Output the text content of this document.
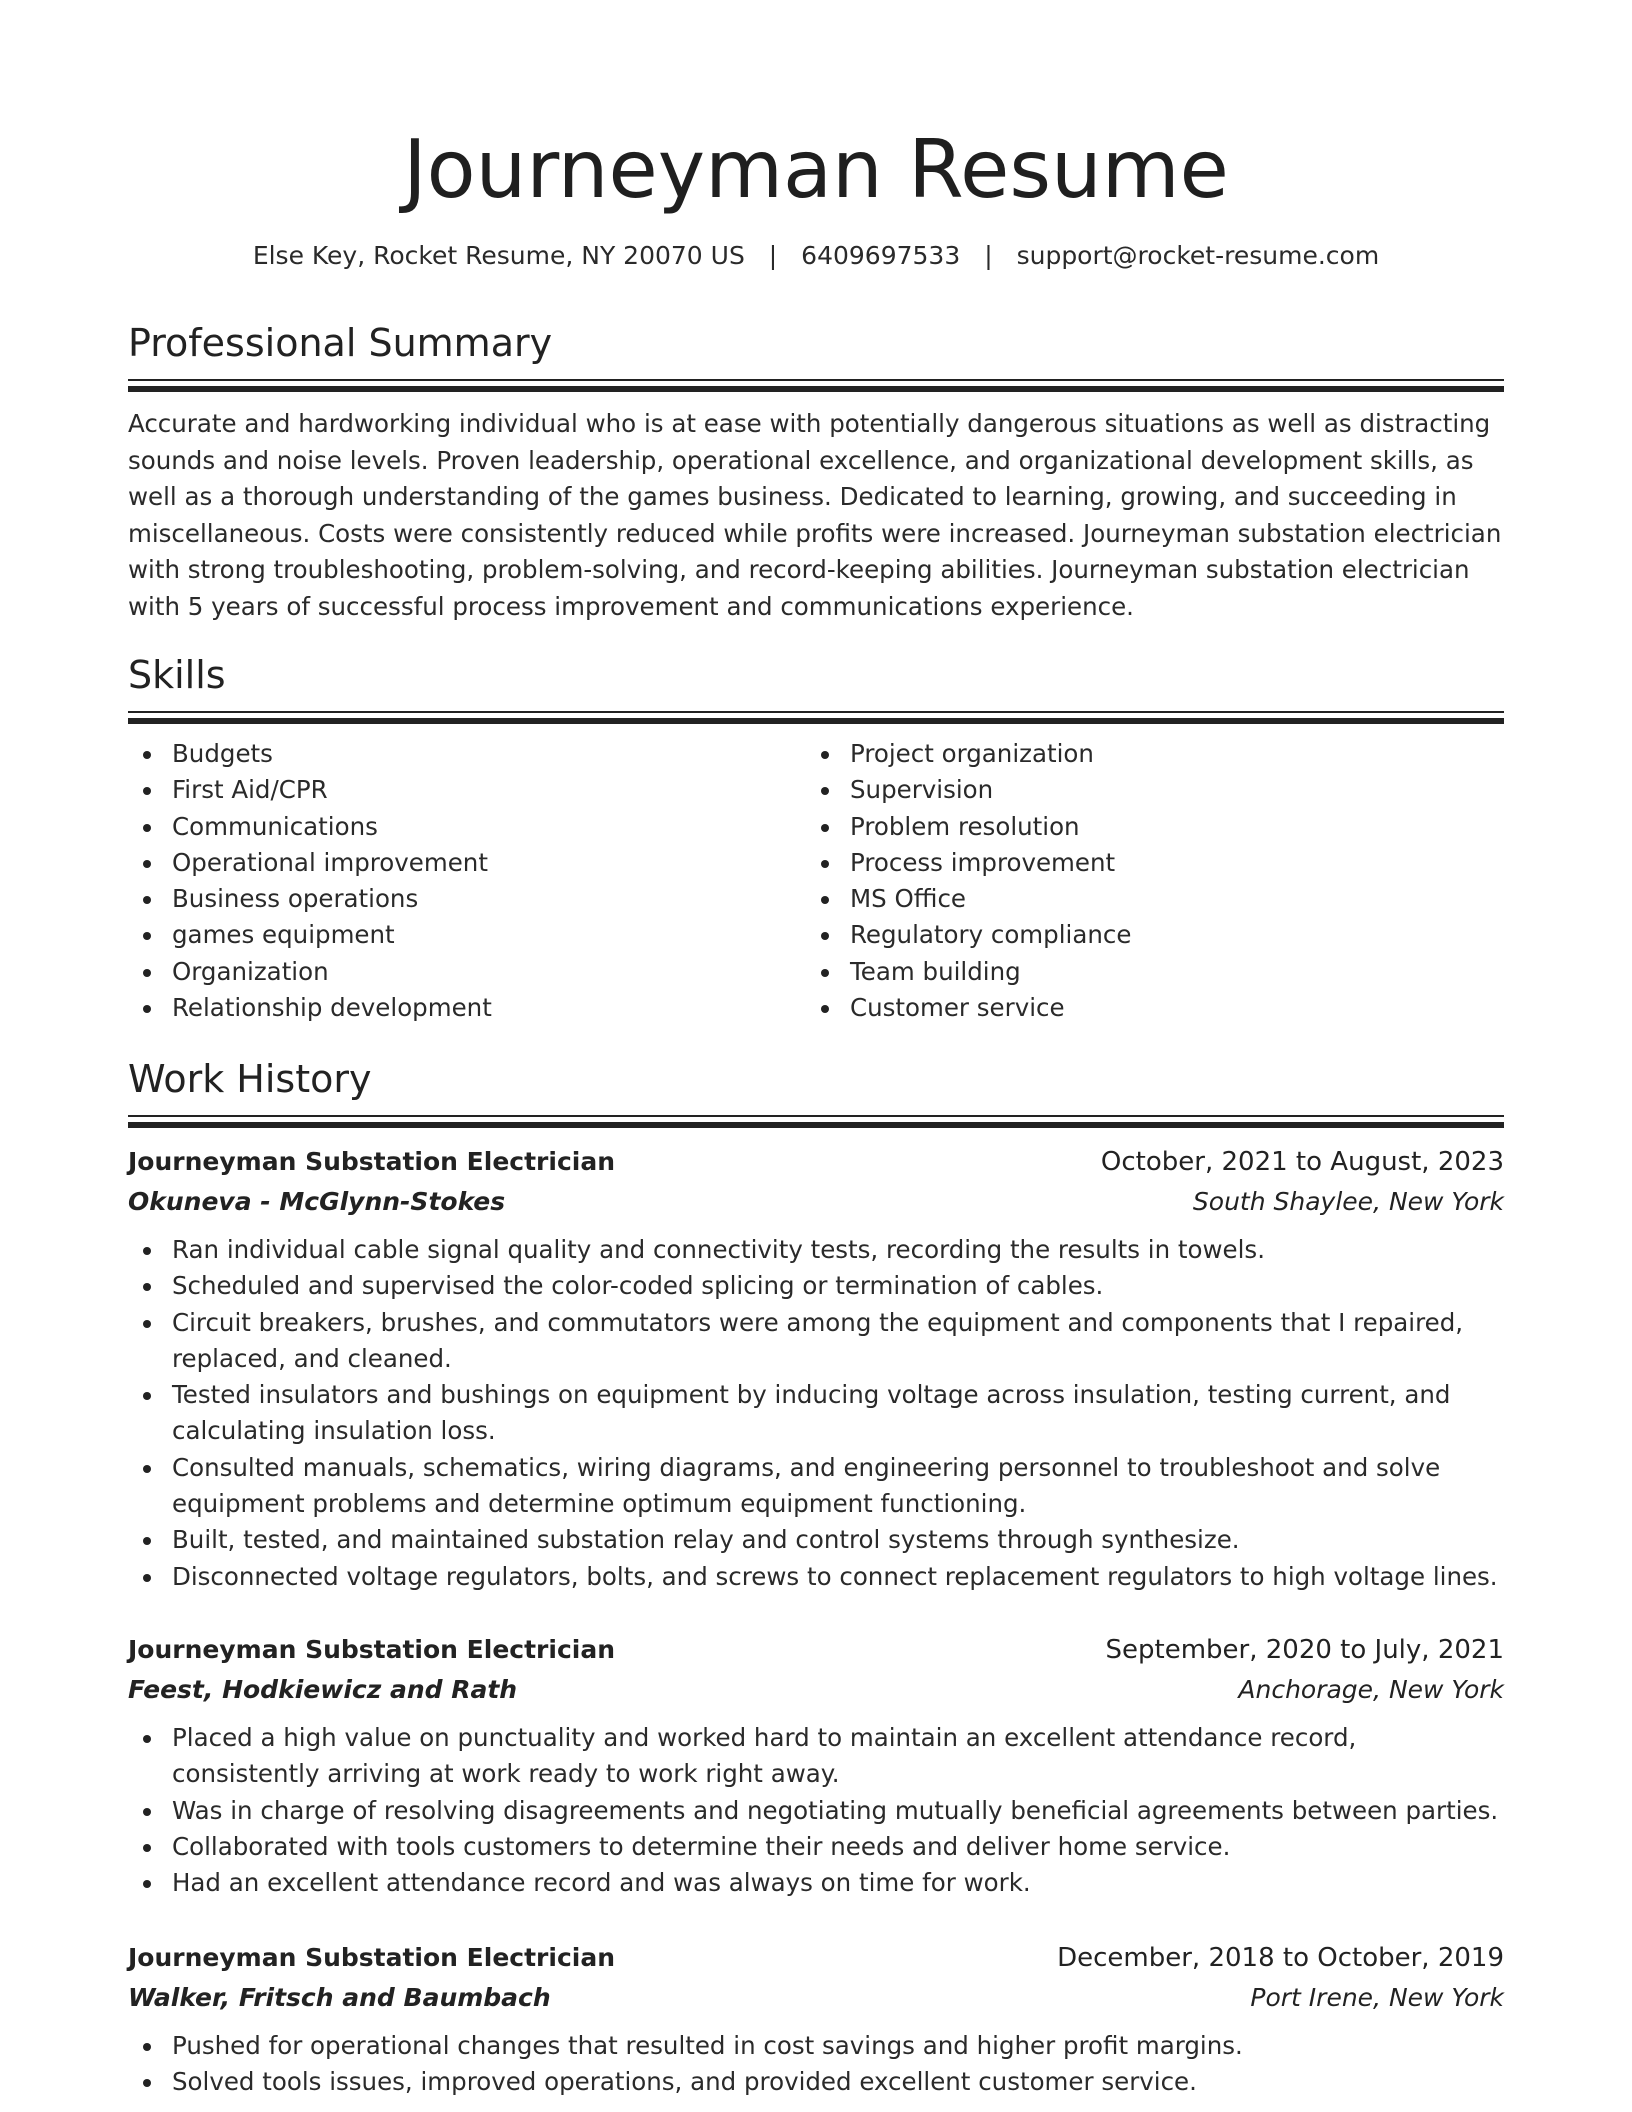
Journeyman Resume
Else Key, Rocket Resume, NY 20070 US | 6409697533 | support@rocket-resume.com
Professional Summary

Accurate and hardworking individual who is at ease with potentially dangerous situations as well as distracting sounds and noise levels. Proven leadership, operational excellence, and organizational development skills, as well as a thorough understanding of the games business. Dedicated to learning, growing, and succeeding in miscellaneous. Costs were consistently reduced while profits were increased. Journeyman substation electrician with strong troubleshooting, problem-solving, and record-keeping abilities. Journeyman substation electrician with 5 years of successful process improvement and communications experience.

Skills
Budgets
First Aid/CPR
Communications
Operational improvement
Business operations
games equipment
Organization
Relationship development
Project organization
Supervision
Problem resolution
Process improvement
MS Office
Regulatory compliance
Team building
Customer service
Work History
Journeyman Substation Electrician	October, 2021 to August, 2023
Okuneva - McGlynn-Stokes	South Shaylee, New York
Ran individual cable signal quality and connectivity tests, recording the results in towels.
Scheduled and supervised the color-coded splicing or termination of cables.
Circuit breakers, brushes, and commutators were among the equipment and components that I repaired, replaced, and cleaned.
Tested insulators and bushings on equipment by inducing voltage across insulation, testing current, and calculating insulation loss.
Consulted manuals, schematics, wiring diagrams, and engineering personnel to troubleshoot and solve equipment problems and determine optimum equipment functioning.
Built, tested, and maintained substation relay and control systems through synthesize.
Disconnected voltage regulators, bolts, and screws to connect replacement regulators to high voltage lines.
Journeyman Substation Electrician	September, 2020 to July, 2021
Feest, Hodkiewicz and Rath	Anchorage, New York
Placed a high value on punctuality and worked hard to maintain an excellent attendance record, consistently arriving at work ready to work right away.
Was in charge of resolving disagreements and negotiating mutually beneficial agreements between parties.
Collaborated with tools customers to determine their needs and deliver home service.
Had an excellent attendance record and was always on time for work.
Journeyman Substation Electrician	December, 2018 to October, 2019
Walker, Fritsch and Baumbach	Port Irene, New York
Pushed for operational changes that resulted in cost savings and higher profit margins.
Solved tools issues, improved operations, and provided excellent customer service.
